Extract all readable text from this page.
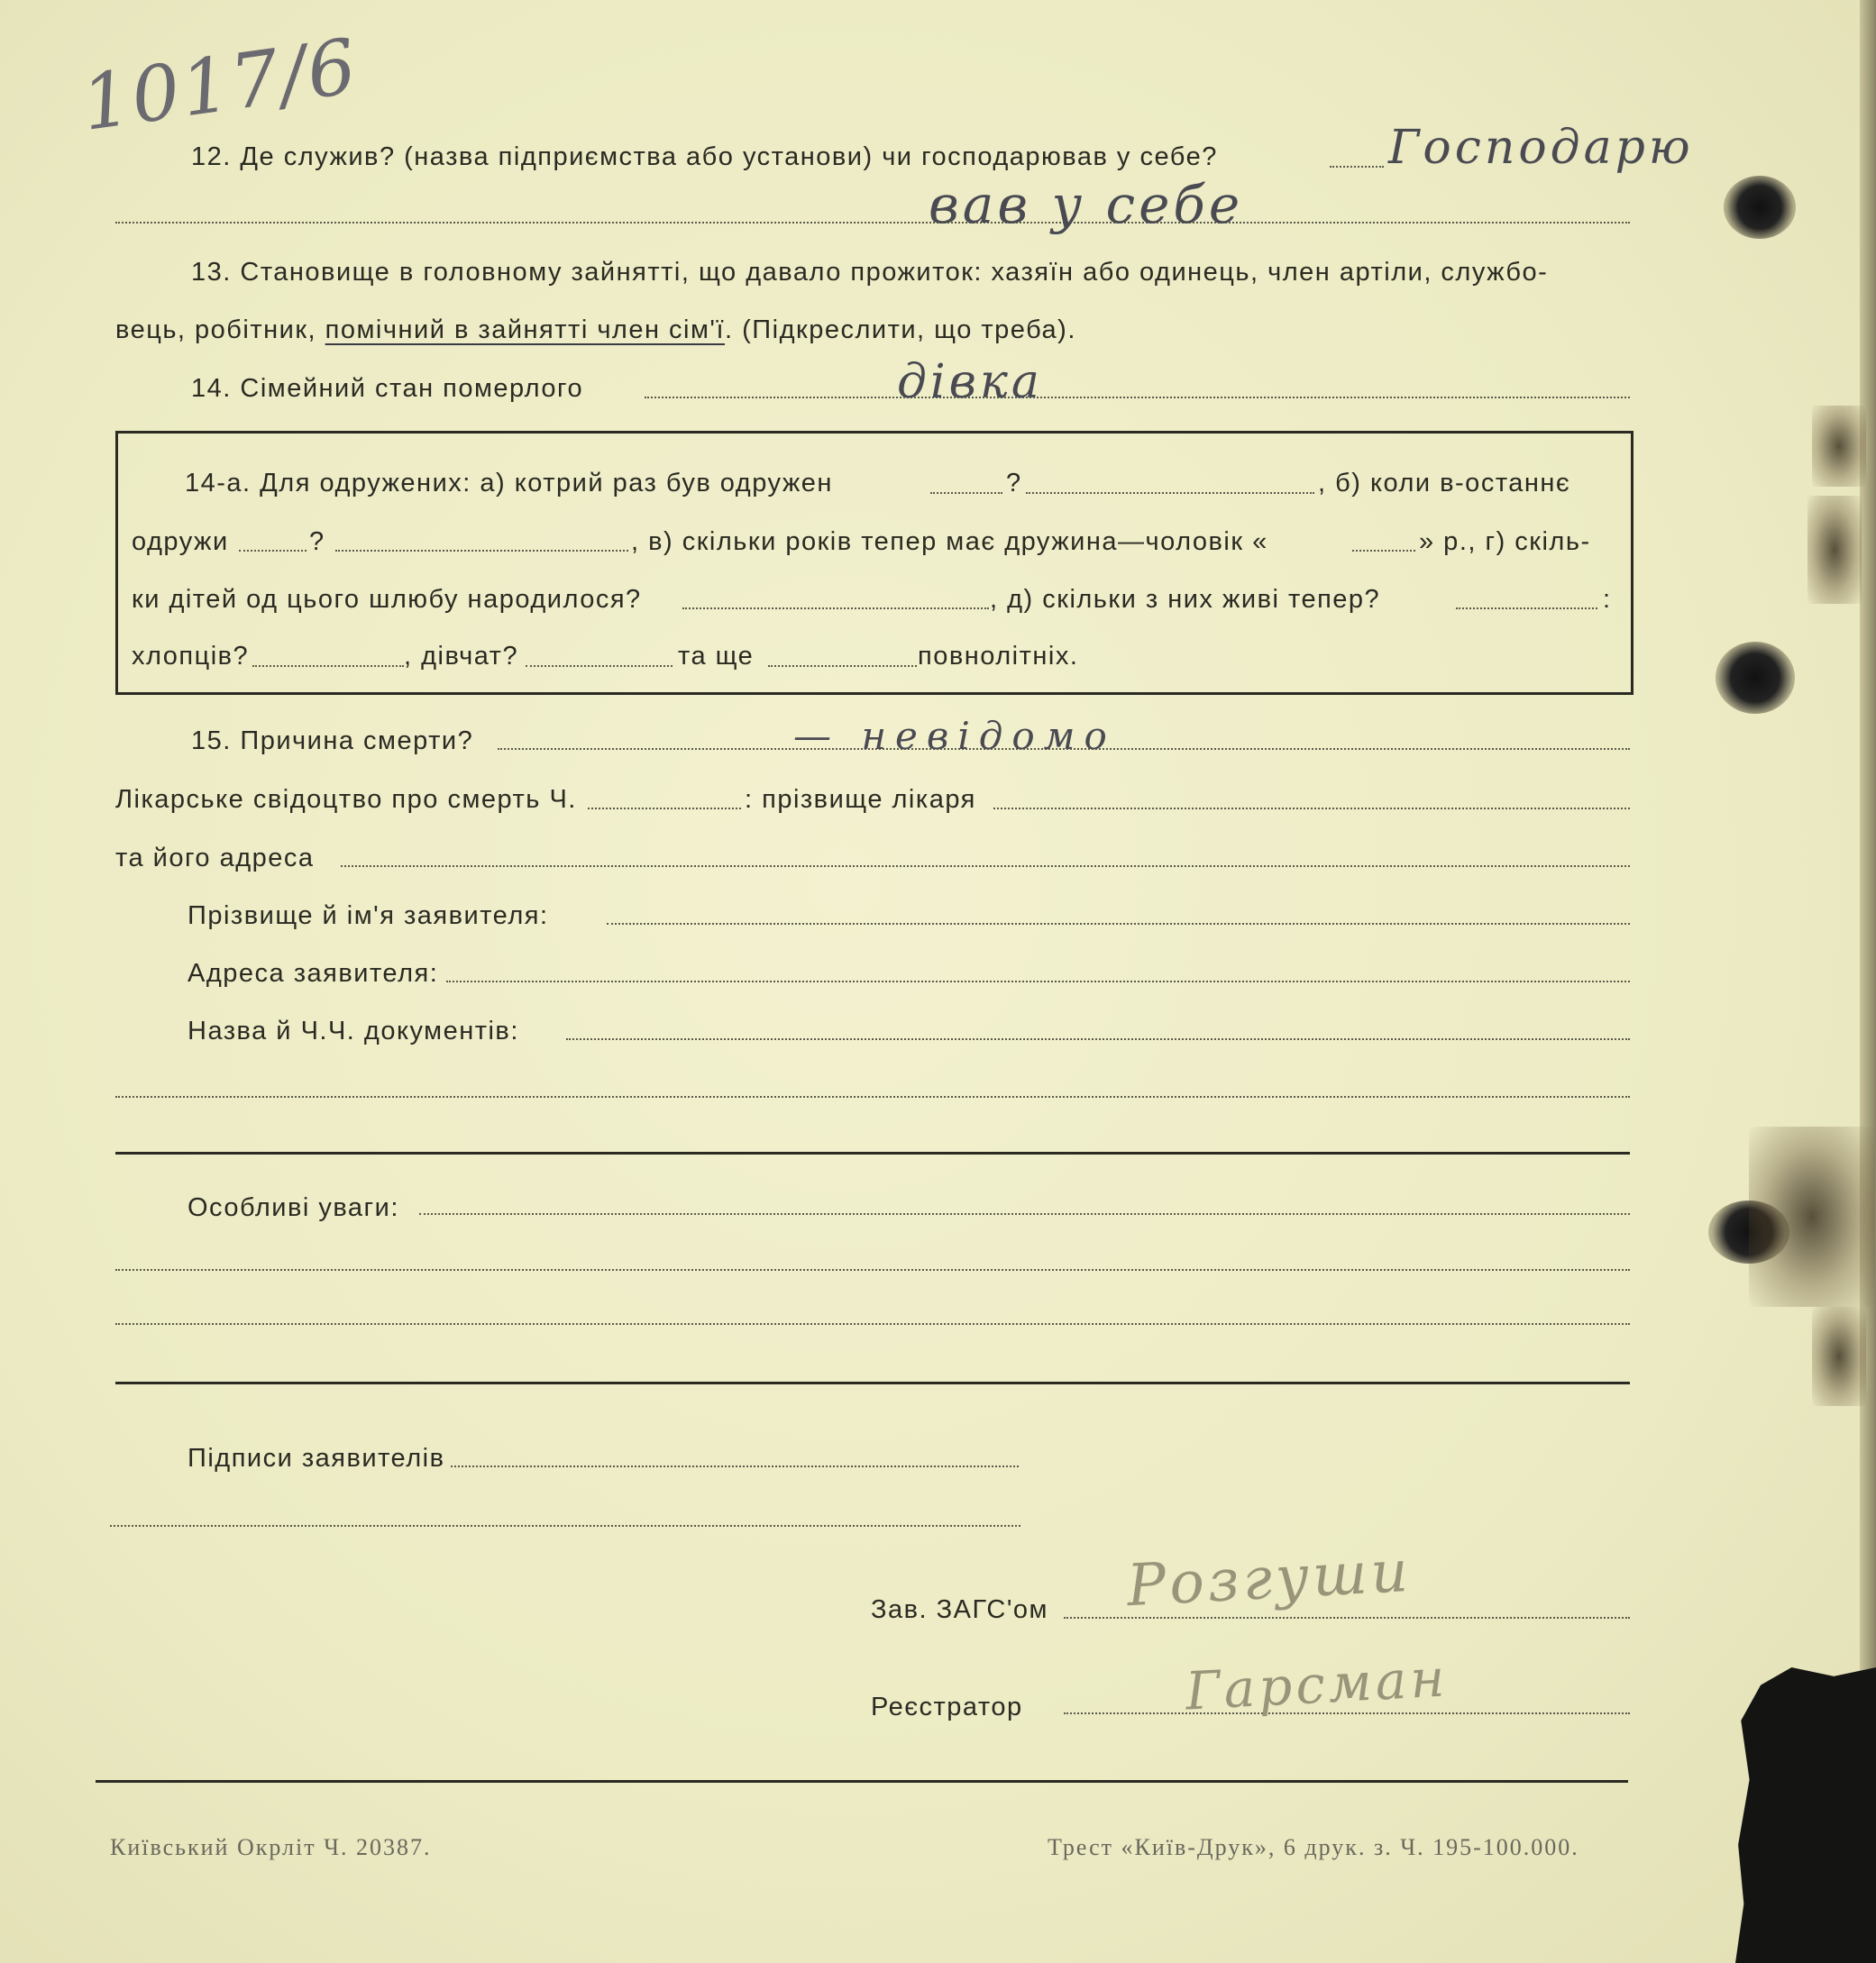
1017/6
12. Де служив? (назва підприємства або установи) чи господарював у себе?	Господарю
вав у себе
13. Становище в головному зайнятті, що давало прожиток: хазяїн або одинець, член артіли, службо-
вець, робітник, помічний в зайнятті член сім'ї. (Підкреслити, що треба).
14. Сімейний стан померлого	дівка
14-а. Для одружених: а) котрий раз був одружен	?	, б) коли в-останнє
одружи	?	, в) скільки років тепер має дружина—чоловік «	» р., г) скіль-
ки дітей од цього шлюбу народилося?	, д) скільки з них живі тепер?	:
хлопців?	, дівчат?	та ще	повнолітніх.
15. Причина смерти?	— невідомо
Лікарське свідоцтво про смерть Ч.	: прізвище лікаря
та його адреса
Прізвище й ім'я заявителя:
Адреса заявителя:
Назва й Ч.Ч. документів:
Особливі уваги:
Підписи заявителів
Зав. ЗАГС'ом Розгуши
Реєстратор	Гарсман
Київський Окрліт Ч. 20387.	Трест «Київ-Друк», 6 друк. з. Ч. 195-100.000.
